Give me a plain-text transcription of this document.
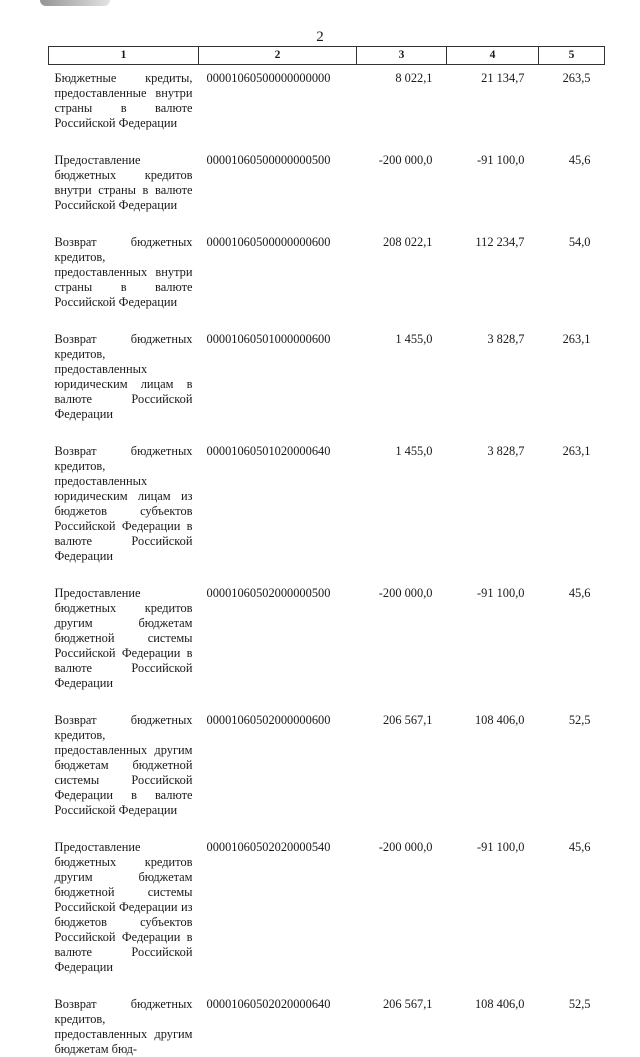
2
1	2	3	4	5
Бюджетные кредиты, предоставленные внутри страны в валюте Российской Федерации	00001060500000000000	8 022,1	21 134,7	263,5
Предоставление бюджетных кредитов внутри страны в валюте Российской Федерации	00001060500000000500	-200 000,0	-91 100,0	45,6
Возврат бюджетных кредитов, предоставленных внутри страны в валюте Российской Федерации	00001060500000000600	208 022,1	112 234,7	54,0
Возврат бюджетных кредитов, предоставленных юридическим лицам в валюте Российской Федерации	00001060501000000600	1 455,0	3 828,7	263,1
Возврат бюджетных кредитов, предоставленных юридическим лицам из бюджетов субъектов Российской Федерации в валюте Российской Федерации	00001060501020000640	1 455,0	3 828,7	263,1
Предоставление бюджетных кредитов другим бюджетам бюджетной системы Российской Федерации в валюте Российской Федерации	00001060502000000500	-200 000,0	-91 100,0	45,6
Возврат бюджетных кредитов, предоставленных другим бюджетам бюджетной системы Российской Федерации в валюте Российской Федерации	00001060502000000600	206 567,1	108 406,0	52,5
Предоставление бюджетных кредитов другим бюджетам бюджетной системы Российской Федерации из бюджетов субъектов Российской Федерации в валюте Российской Федерации	00001060502020000540	-200 000,0	-91 100,0	45,6
Возврат бюджетных кредитов, предоставленных другим бюджетам бюд-	00001060502020000640	206 567,1	108 406,0	52,5
